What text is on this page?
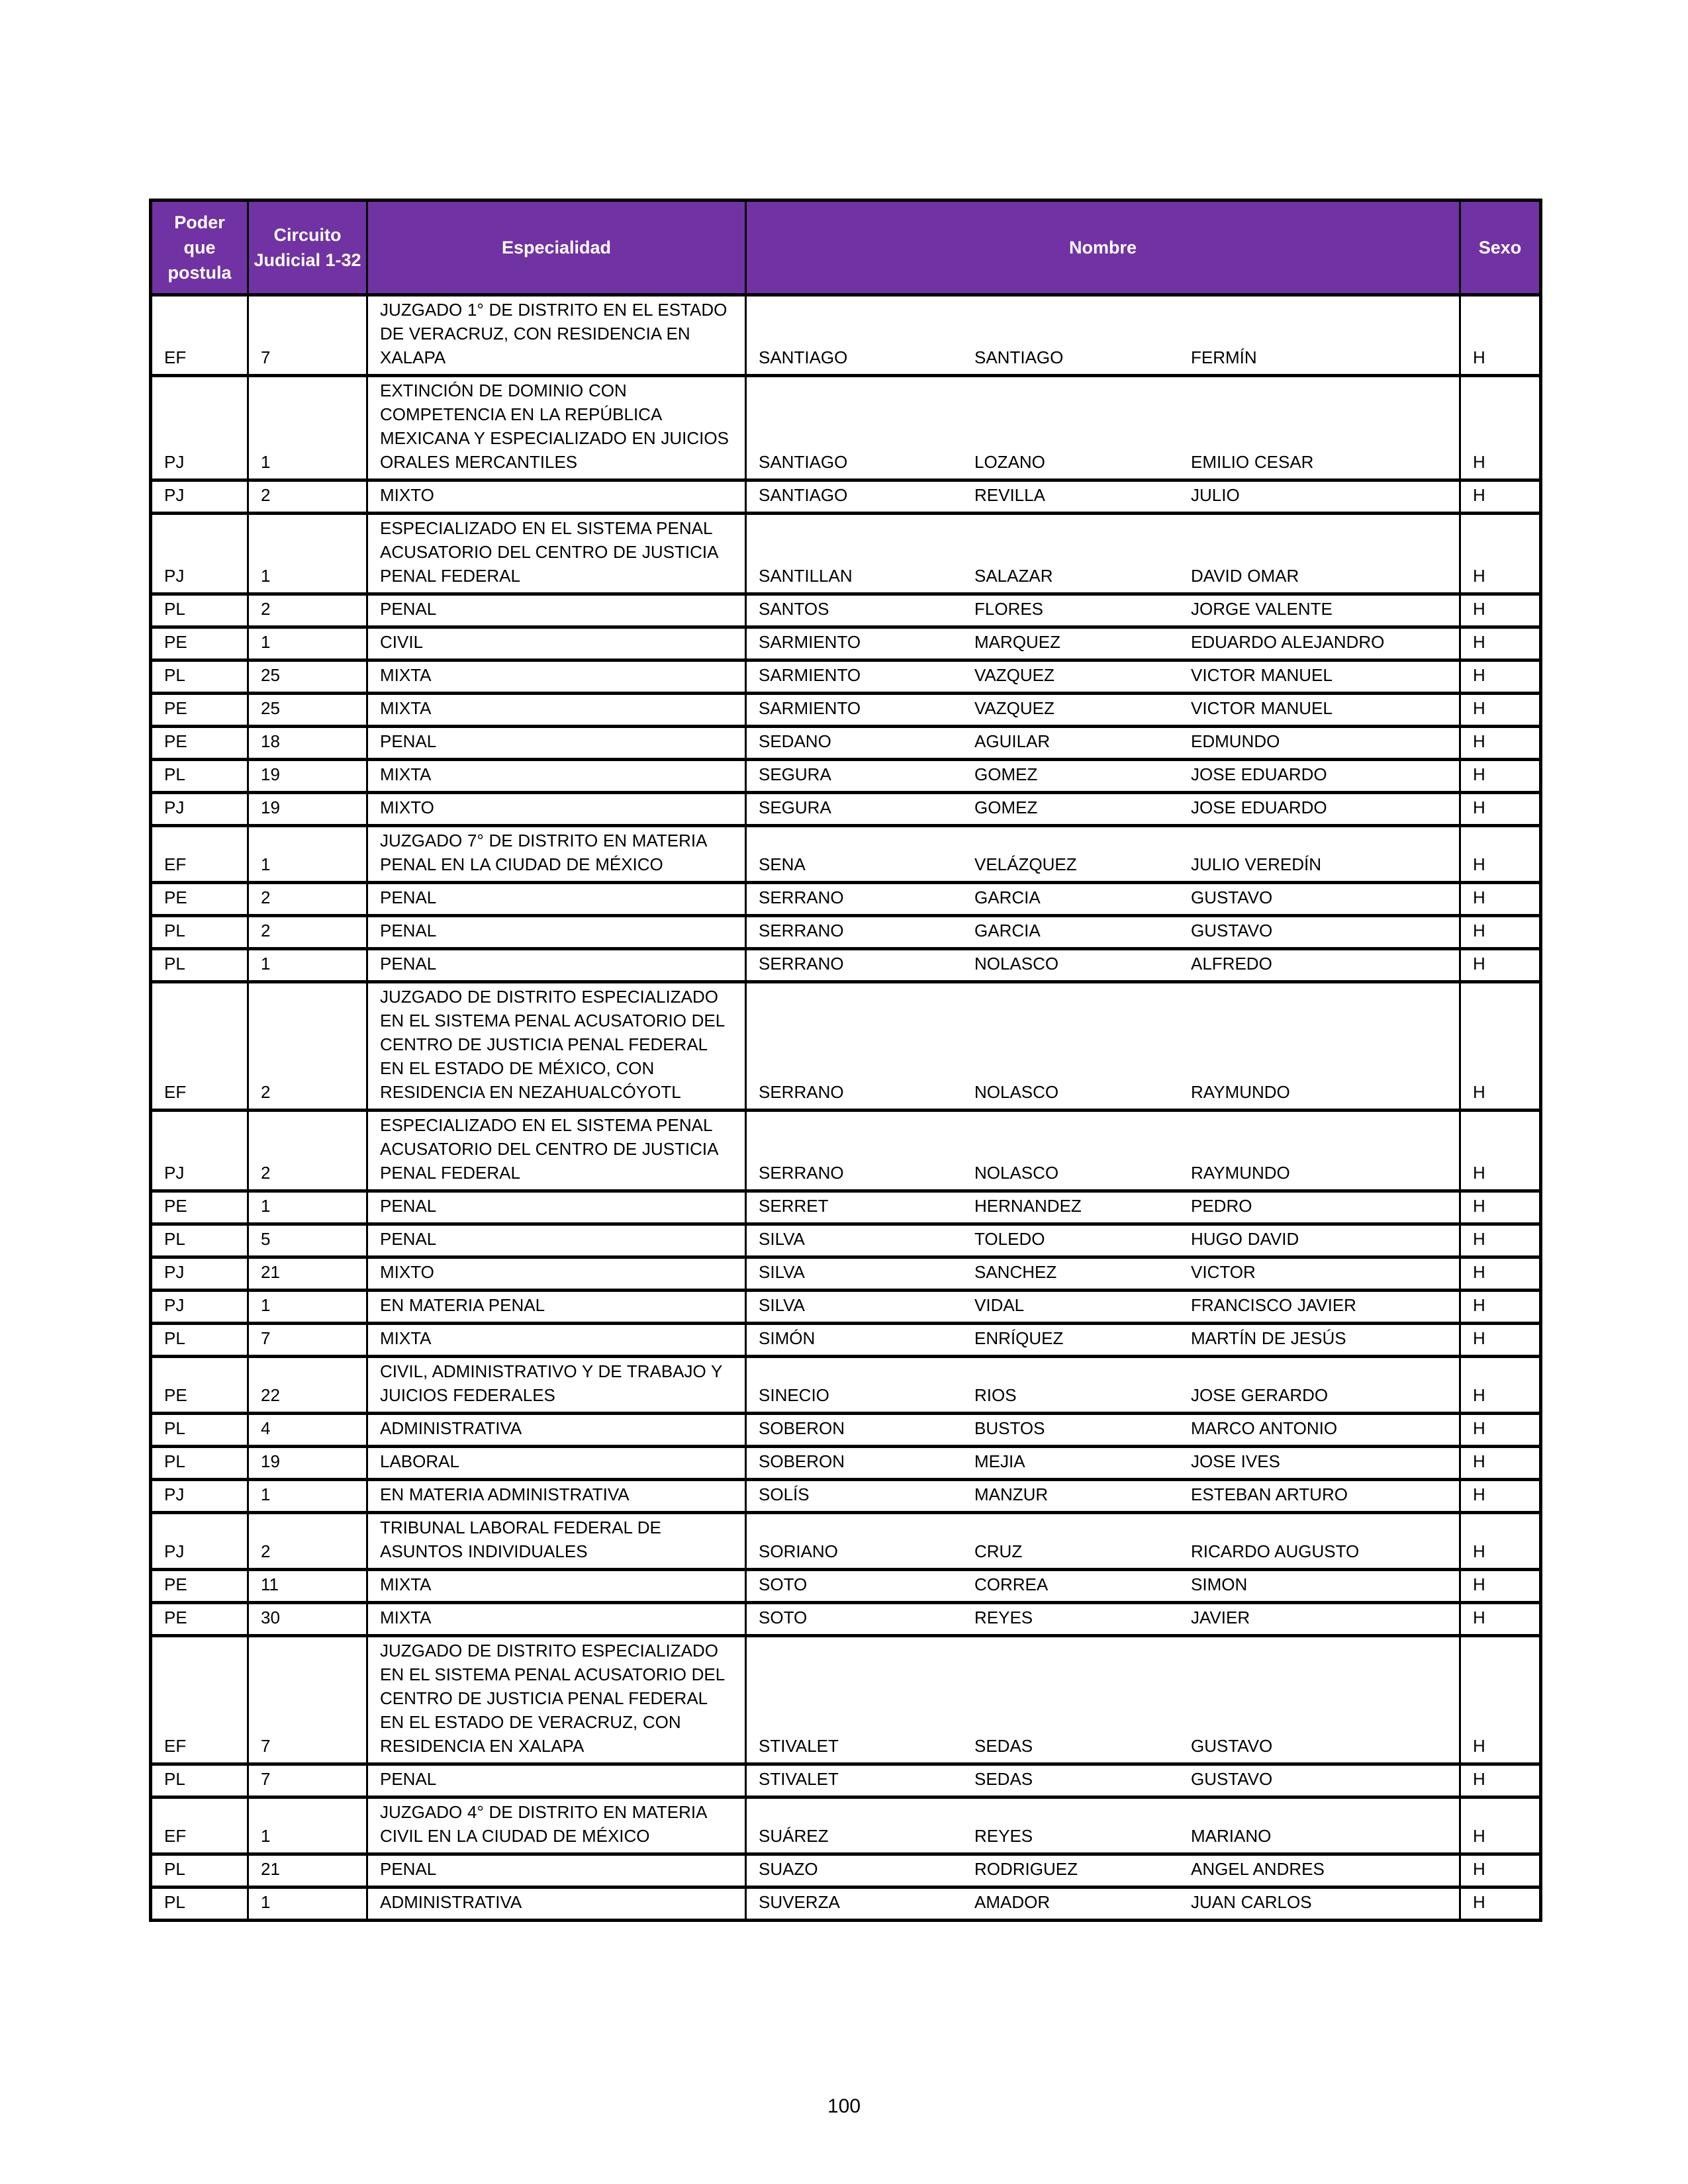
Poder que postula	Circuito Judicial 1-32	Especialidad	Nombre	Sexo
EF	7	JUZGADO 1° DE DISTRITO EN EL ESTADO DE VERACRUZ, CON RESIDENCIA EN XALAPA	SANTIAGO SANTIAGO FERMÍN	H
PJ	1	EXTINCIÓN DE DOMINIO CON COMPETENCIA EN LA REPÚBLICA MEXICANA Y ESPECIALIZADO EN JUICIOS ORALES MERCANTILES	SANTIAGO LOZANO EMILIO CESAR	H
PJ	2	MIXTO	SANTIAGO REVILLA JULIO	H
PJ	1	ESPECIALIZADO EN EL SISTEMA PENAL ACUSATORIO DEL CENTRO DE JUSTICIA PENAL FEDERAL	SANTILLAN SALAZAR DAVID OMAR	H
PL	2	PENAL	SANTOS FLORES JORGE VALENTE	H
PE	1	CIVIL	SARMIENTO MARQUEZ EDUARDO ALEJANDRO	H
PL	25	MIXTA	SARMIENTO VAZQUEZ VICTOR MANUEL	H
PE	25	MIXTA	SARMIENTO VAZQUEZ VICTOR MANUEL	H
PE	18	PENAL	SEDANO AGUILAR EDMUNDO	H
PL	19	MIXTA	SEGURA GOMEZ JOSE EDUARDO	H
PJ	19	MIXTO	SEGURA GOMEZ JOSE EDUARDO	H
EF	1	JUZGADO 7° DE DISTRITO EN MATERIA PENAL EN LA CIUDAD DE MÉXICO	SENA VELÁZQUEZ JULIO VEREDÍN	H
PE	2	PENAL	SERRANO GARCIA GUSTAVO	H
PL	2	PENAL	SERRANO GARCIA GUSTAVO	H
PL	1	PENAL	SERRANO NOLASCO ALFREDO	H
EF	2	JUZGADO DE DISTRITO ESPECIALIZADO EN EL SISTEMA PENAL ACUSATORIO DEL CENTRO DE JUSTICIA PENAL FEDERAL EN EL ESTADO DE MÉXICO, CON RESIDENCIA EN NEZAHUALCÓYOTL	SERRANO NOLASCO RAYMUNDO	H
PJ	2	ESPECIALIZADO EN EL SISTEMA PENAL ACUSATORIO DEL CENTRO DE JUSTICIA PENAL FEDERAL	SERRANO NOLASCO RAYMUNDO	H
PE	1	PENAL	SERRET HERNANDEZ PEDRO	H
PL	5	PENAL	SILVA TOLEDO HUGO DAVID	H
PJ	21	MIXTO	SILVA SANCHEZ VICTOR	H
PJ	1	EN MATERIA PENAL	SILVA VIDAL FRANCISCO JAVIER	H
PL	7	MIXTA	SIMÓN ENRÍQUEZ MARTÍN DE JESÚS	H
PE	22	CIVIL, ADMINISTRATIVO Y DE TRABAJO Y JUICIOS FEDERALES	SINECIO RIOS JOSE GERARDO	H
PL	4	ADMINISTRATIVA	SOBERON BUSTOS MARCO ANTONIO	H
PL	19	LABORAL	SOBERON MEJIA JOSE IVES	H
PJ	1	EN MATERIA ADMINISTRATIVA	SOLÍS MANZUR ESTEBAN ARTURO	H
PJ	2	TRIBUNAL LABORAL FEDERAL DE ASUNTOS INDIVIDUALES	SORIANO CRUZ RICARDO AUGUSTO	H
PE	11	MIXTA	SOTO CORREA SIMON	H
PE	30	MIXTA	SOTO REYES JAVIER	H
EF	7	JUZGADO DE DISTRITO ESPECIALIZADO EN EL SISTEMA PENAL ACUSATORIO DEL CENTRO DE JUSTICIA PENAL FEDERAL EN EL ESTADO DE VERACRUZ, CON RESIDENCIA EN XALAPA	STIVALET SEDAS GUSTAVO	H
PL	7	PENAL	STIVALET SEDAS GUSTAVO	H
EF	1	JUZGADO 4° DE DISTRITO EN MATERIA CIVIL EN LA CIUDAD DE MÉXICO	SUÁREZ REYES MARIANO	H
PL	21	PENAL	SUAZO RODRIGUEZ ANGEL ANDRES	H
PL	1	ADMINISTRATIVA	SUVERZA AMADOR JUAN CARLOS	H
100
